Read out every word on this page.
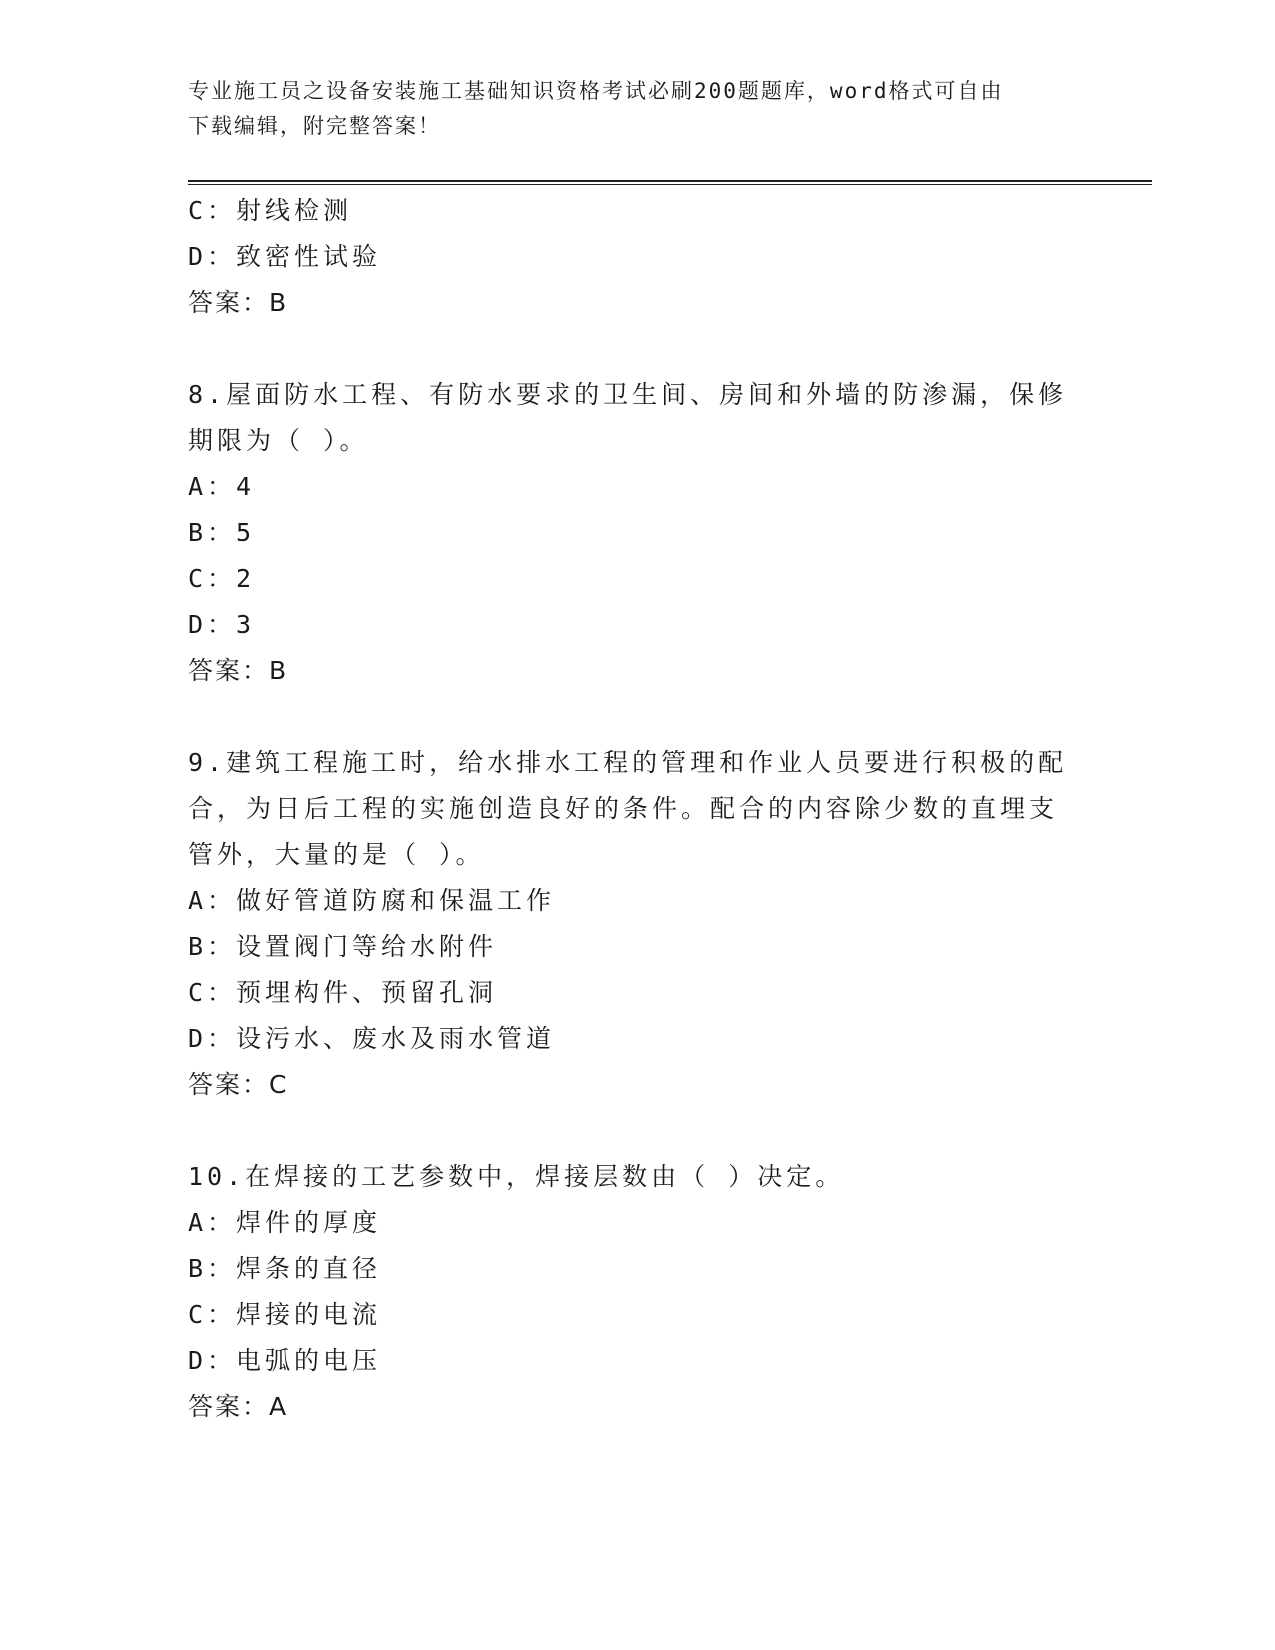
专业施工员之设备安装施工基础知识资格考试必刷200题题库，word格式可自由
下载编辑，附完整答案！
C：射线检测
D：致密性试验
答案：B
8.屋面防水工程、有防水要求的卫生间、房间和外墙的防渗漏，保修
期限为（ ）。
A：4
B：5
C：2
D：3
答案：B
9.建筑工程施工时，给水排水工程的管理和作业人员要进行积极的配
合，为日后工程的实施创造良好的条件。配合的内容除少数的直埋支
管外，大量的是（ ）。
A：做好管道防腐和保温工作
B：设置阀门等给水附件
C：预埋构件、预留孔洞
D：设污水、废水及雨水管道
答案：C
10.在焊接的工艺参数中，焊接层数由（ ）决定。
A：焊件的厚度
B：焊条的直径
C：焊接的电流
D：电弧的电压
答案：A
